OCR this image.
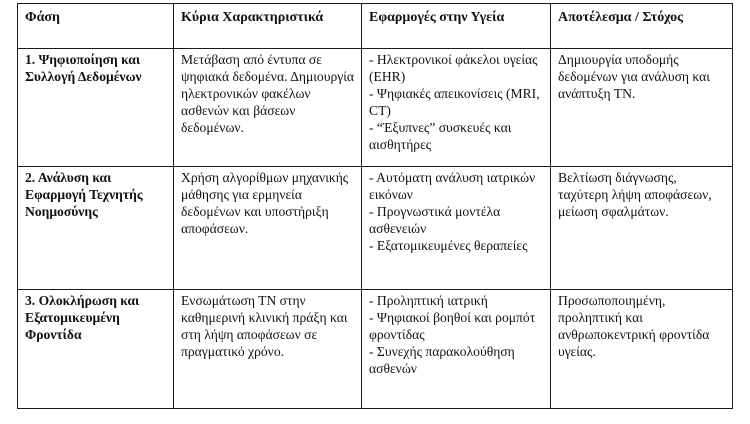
Φάση	Κύρια Χαρακτηριστικά	Εφαρμογές στην Υγεία	Αποτέλεσμα / Στόχος
1. Ψηφιοποίηση και Συλλογή Δεδομένων	Μετάβαση από έντυπα σε ψηφιακά δεδομένα. Δημιουργία ηλεκτρονικών φακέλων ασθενών και βάσεων δεδομένων.	- Ηλεκτρονικοί φάκελοι υγείας (EHR)
- Ψηφιακές απεικονίσεις (MRI, CT)
- “Έξυπνες” συσκευές και αισθητήρες	Δημιουργία υποδομής δεδομένων για ανάλυση και ανάπτυξη ΤΝ.
2. Ανάλυση και Εφαρμογή Τεχνητής Νοημοσύνης	Χρήση αλγορίθμων μηχανικής μάθησης για ερμηνεία δεδομένων και υποστήριξη αποφάσεων.	- Αυτόματη ανάλυση ιατρικών εικόνων
- Προγνωστικά μοντέλα ασθενειών
- Εξατομικευμένες θεραπείες	Βελτίωση διάγνωσης, ταχύτερη λήψη αποφάσεων, μείωση σφαλμάτων.
3. Ολοκλήρωση και Εξατομικευμένη Φροντίδα	Ενσωμάτωση ΤΝ στην καθημερινή κλινική πράξη και στη λήψη αποφάσεων σε πραγματικό χρόνο.	- Προληπτική ιατρική
- Ψηφιακοί βοηθοί και ρομπότ φροντίδας
- Συνεχής παρακολούθηση ασθενών	Προσωποποιημένη, προληπτική και ανθρωποκεντρική φροντίδα υγείας.
